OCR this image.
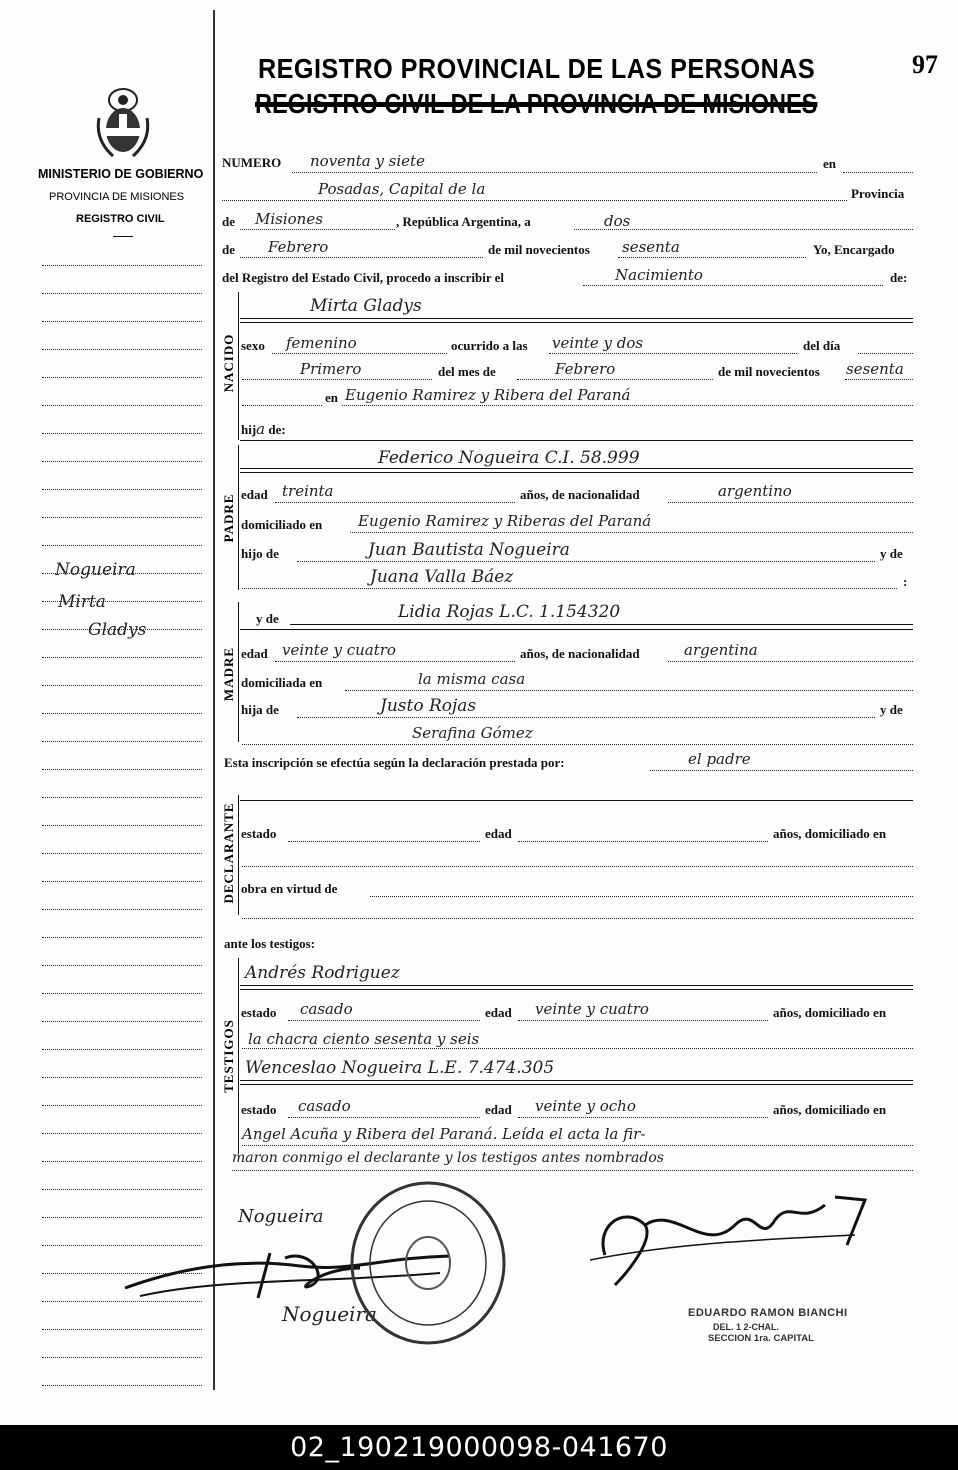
97
REGISTRO PROVINCIAL DE LAS PERSONAS
REGISTRO CIVIL DE LA PROVINCIA DE MISIONES
MINISTERIO DE GOBIERNO
PROVINCIA DE MISIONES
REGISTRO CIVIL
Nogueira
Mirta
Gladys
NUMERO noventa y siete	en
Posadas, Capital de la	Provincia
de Misiones	, República Argentina, a	dos
de Febrero	de mil novecientos sesenta	Yo, Encargado
del Registro del Estado Civil, procedo a inscribir el	Nacimiento	de:
NACIDO
Mirta Gladys
sexo femenino	ocurrido a las veinte y dos	del día
Primero	del mes de	Febrero	de mil novecientos sesenta
en Eugenio Ramirez y Ribera del Paraná
hija de:
PADRE
Federico Nogueira C.I. 58.999
edad treinta	años, de nacionalidad	argentino
domiciliado en Eugenio Ramirez y Riberas del Paraná
hijo de	Juan Bautista Nogueira	y de
Juana Valla Báez	:
MADRE
y de	Lidia Rojas L.C. 1.154320
edad veinte y cuatro	años, de nacionalidad	argentina
domiciliada en	la misma casa
hija de	Justo Rojas	y de
Serafina Gómez
Esta inscripción se efectúa según la declaración prestada por:	el padre
DECLARANTE estado	edad	años, domiciliado en
obra en virtud de
ante los testigos:
TESTIGOS
Andrés Rodriguez
estado casado	edad veinte y cuatro	años, domiciliado en
la chacra ciento sesenta y seis
Wenceslao Nogueira L.E. 7.474.305
estado casado	edad veinte y ocho	años, domiciliado en
Angel Acuña y Ribera del Paraná. Leída el acta la fir-
maron conmigo el declarante y los testigos antes nombrados
Nogueira
Nogueira	EDUARDO RAMON BIANCHI
DEL. 1 2-CHAL.
SECCION 1ra. CAPITAL
02_190219000098-041670
